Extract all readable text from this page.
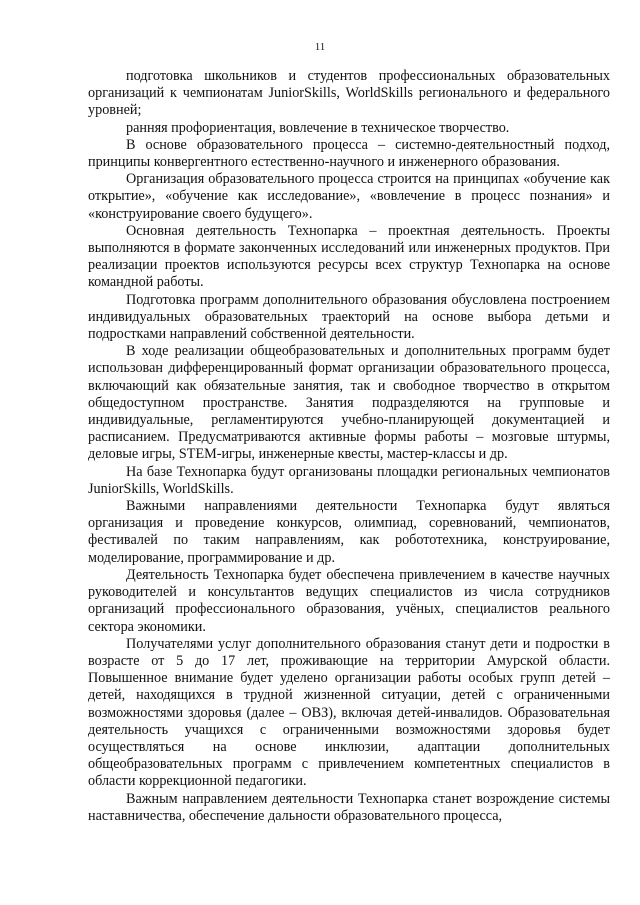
11

подготовка школьников и студентов профессиональных образовательных организаций к чемпионатам JuniorSkills, WorldSkills регионального и федерального уровней;

ранняя профориентация, вовлечение в техническое творчество.

В основе образовательного процесса – системно-деятельностный подход, принципы конвергентного естественно-научного и инженерного образования.

Организация образовательного процесса строится на принципах «обучение как открытие», «обучение как исследование», «вовлечение в процесс познания» и «конструирование своего будущего».

Основная деятельность Технопарка – проектная деятельность. Проекты выполняются в формате законченных исследований или инженерных продуктов. При реализации проектов используются ресурсы всех структур Технопарка на основе командной работы.

Подготовка программ дополнительного образования обусловлена построением индивидуальных образовательных траекторий на основе выбора детьми и подростками направлений собственной деятельности.

В ходе реализации общеобразовательных и дополнительных программ будет использован дифференцированный формат организации образовательного процесса, включающий как обязательные занятия, так и свободное творчество в открытом общедоступном пространстве. Занятия подразделяются на групповые и индивидуальные, регламентируются учебно-планирующей документацией и расписанием. Предусматриваются активные формы работы – мозговые штурмы, деловые игры, STEM-игры, инженерные квесты, мастер-классы и др.

На базе Технопарка будут организованы площадки региональных чемпионатов JuniorSkills, WorldSkills.

Важными направлениями деятельности Технопарка будут являться организация и проведение конкурсов, олимпиад, соревнований, чемпионатов, фестивалей по таким направлениям, как робототехника, конструирование, моделирование, программирование и др.

Деятельность Технопарка будет обеспечена привлечением в качестве научных руководителей и консультантов ведущих специалистов из числа сотрудников организаций профессионального образования, учёных, специалистов реального сектора экономики.

Получателями услуг дополнительного образования станут дети и подростки в возрасте от 5 до 17 лет, проживающие на территории Амурской области. Повышенное внимание будет уделено организации работы особых групп детей – детей, находящихся в трудной жизненной ситуации, детей с ограниченными возможностями здоровья (далее – ОВЗ), включая детей-инвалидов. Образовательная деятельность учащихся с ограниченными возможностями здоровья будет осуществляться на основе инклюзии, адаптации дополнительных общеобразовательных программ с привлечением компетентных специалистов в области коррекционной педагогики.

Важным направлением деятельности Технопарка станет возрождение системы наставничества, обеспечение дальности образовательного процесса,
